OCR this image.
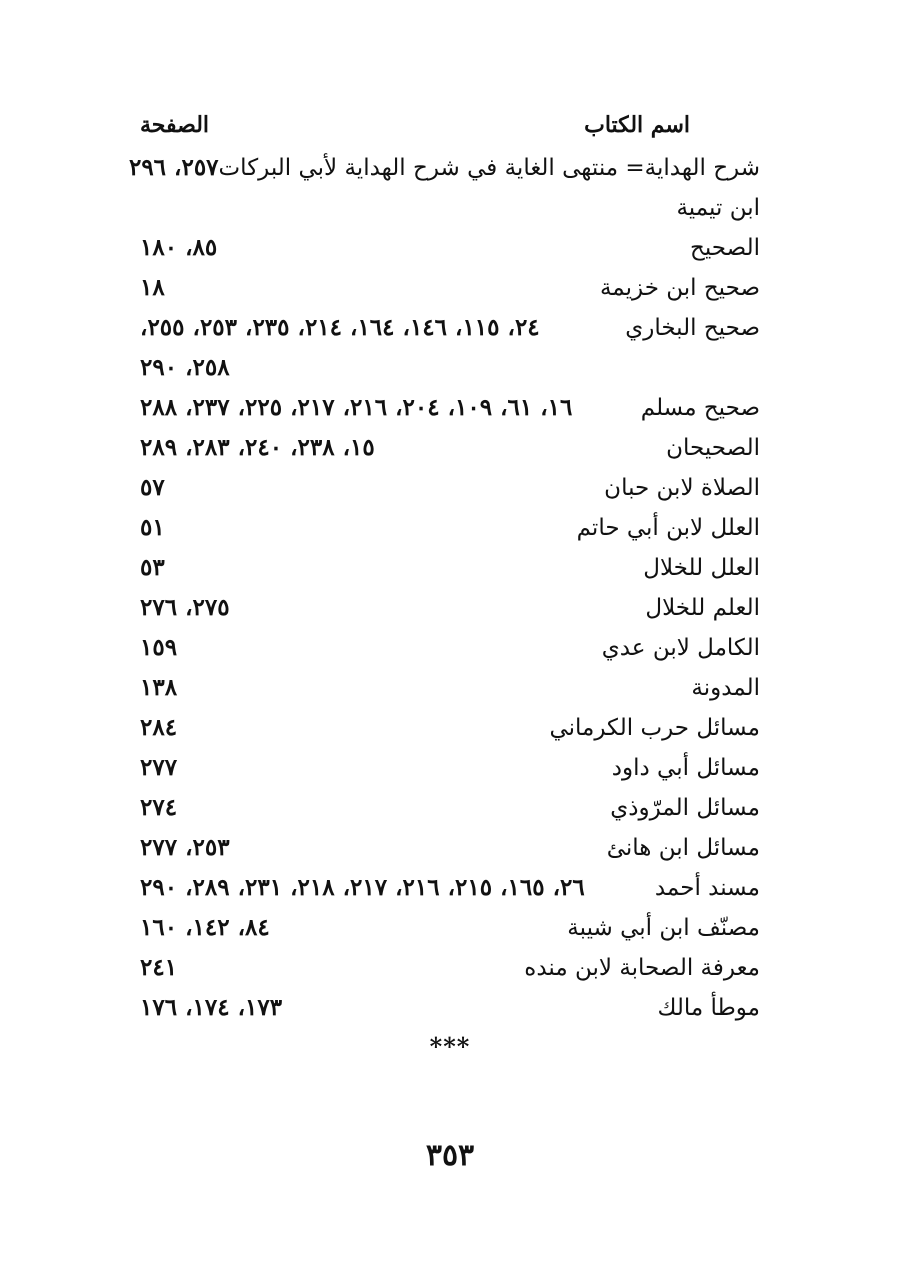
اسم الكتاب
الصفحة
شرح الهداية= منتهى الغاية في شرح الهداية لأبي البركات
٢٥٧، ٢٩٦
ابن تيمية
الصحيح
٨٥، ١٨٠
صحيح ابن خزيمة
١٨
صحيح البخاري
٢٤، ١١٥، ١٤٦، ١٦٤، ٢١٤، ٢٣٥، ٢٥٣، ٢٥٥،
٢٥٨، ٢٩٠
صحيح مسلم
١٦، ٦١، ١٠٩، ٢٠٤، ٢١٦، ٢١٧، ٢٢٥، ٢٣٧، ٢٨٨
الصحيحان
١٥، ٢٣٨، ٢٤٠، ٢٨٣، ٢٨٩
الصلاة لابن حبان
٥٧
العلل لابن أبي حاتم
٥١
العلل للخلال
٥٣
العلم للخلال
٢٧٥، ٢٧٦
الكامل لابن عدي
١٥٩
المدونة
١٣٨
مسائل حرب الكرماني
٢٨٤
مسائل أبي داود
٢٧٧
مسائل المرّوذي
٢٧٤
مسائل ابن هانئ
٢٥٣، ٢٧٧
مسند أحمد
٢٦، ١٦٥، ٢١٥، ٢١٦، ٢١٧، ٢١٨، ٢٣١، ٢٨٩، ٢٩٠
مصنّف ابن أبي شيبة
٨٤، ١٤٢، ١٦٠
معرفة الصحابة لابن منده
٢٤١
موطأ مالك
١٧٣، ١٧٤، ١٧٦
***
٣٥٣
